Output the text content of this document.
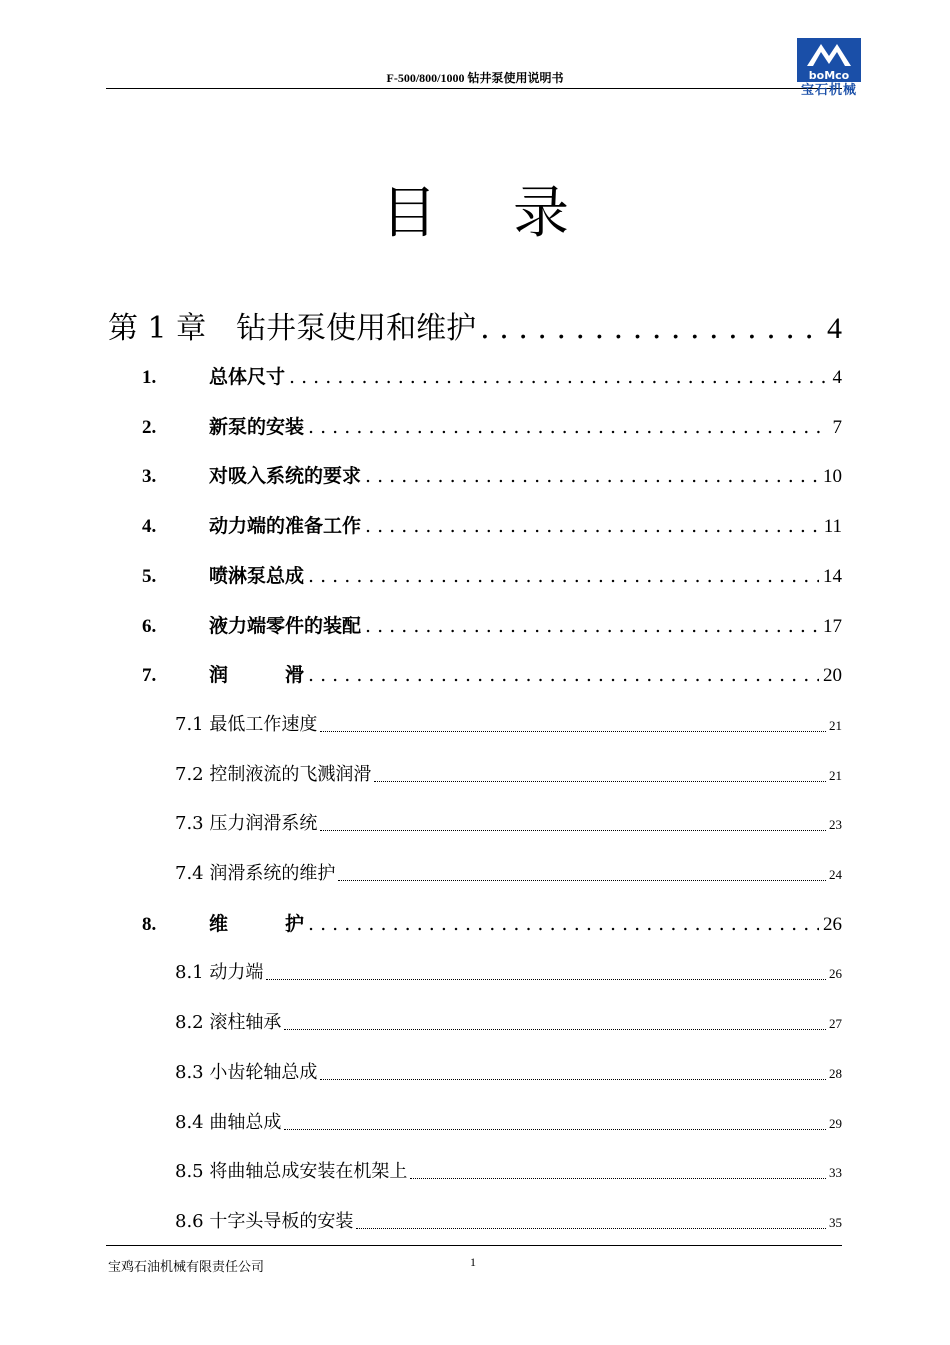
F-500/800/1000 钻井泵使用说明书	boMco
宝石机械
目录
第 1 章　钻井泵使用和维护 . . .	4
1.	总体尺寸 . . .	4
2.	新泵的安装 . . .	7
3.	对吸入系统的要求 . . .	10
4.	动力端的准备工作 . . .	11
5.	喷淋泵总成 . . .	14
6.	液力端零件的装配 . . .	17
7.	润　　　滑 . . .	20
7.1 最低工作速度	21
7.2 控制液流的飞溅润滑	21
7.3 压力润滑系统	23
7.4 润滑系统的维护	24
8.	维　　　护 . . .	26
8.1 动力端	26
8.2 滚柱轴承	27
8.3 小齿轮轴总成	28
8.4 曲轴总成	29
8.5 将曲轴总成安装在机架上	33
8.6 十字头导板的安装	35
宝鸡石油机械有限责任公司	1
